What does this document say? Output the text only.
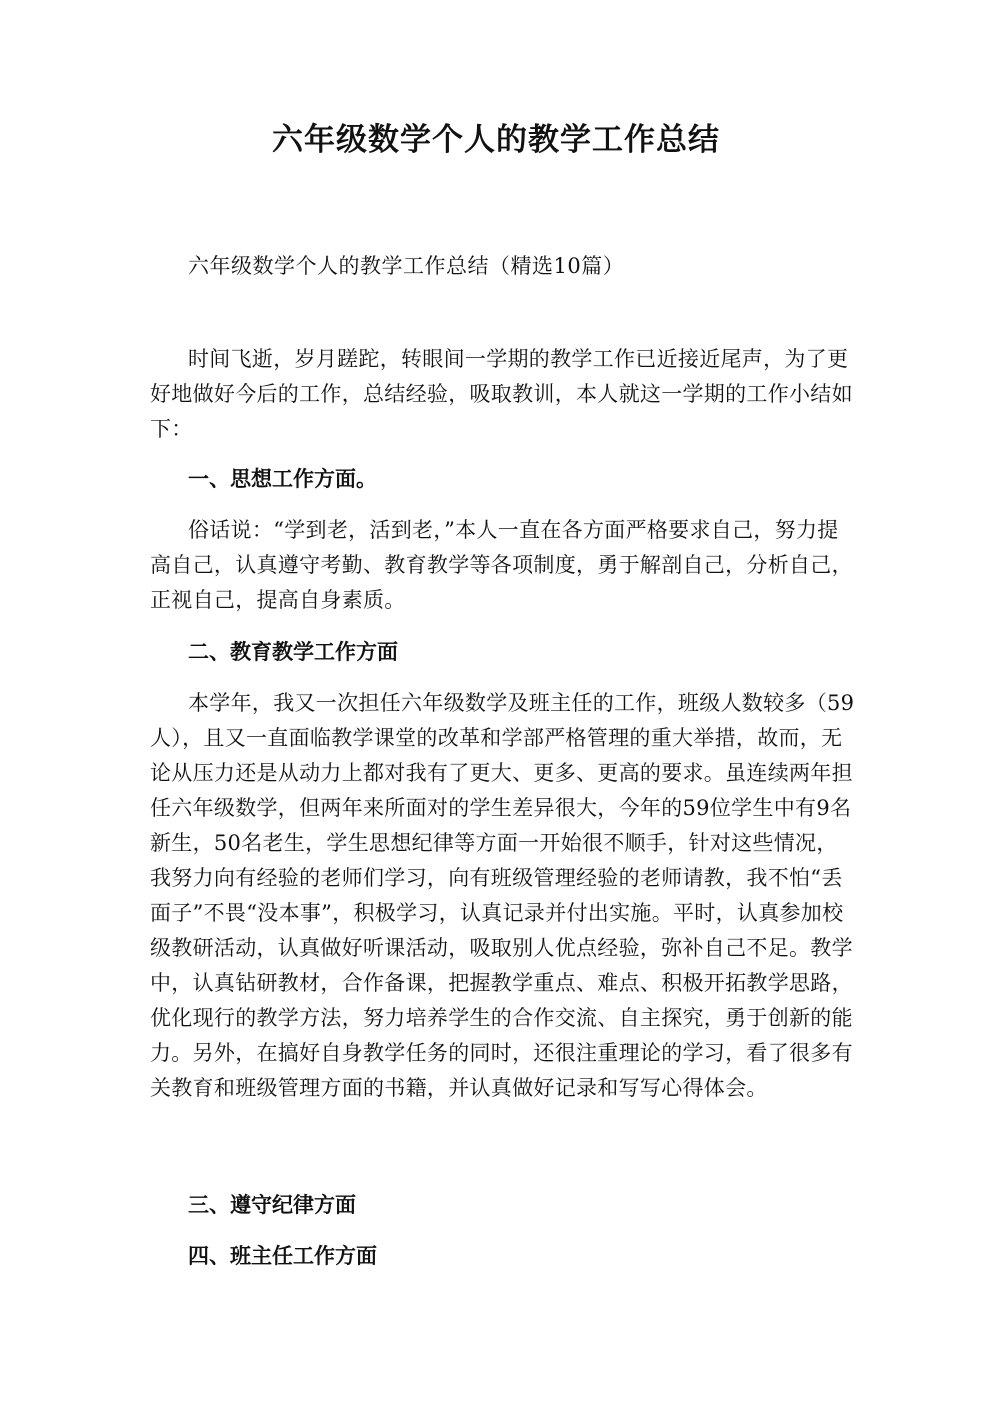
六年级数学个人的教学工作总结

六年级数学个人的教学工作总结（精选10篇）

时间飞逝，岁月蹉跎，转眼间一学期的教学工作已近接近尾声，为了更好地做好今后的工作，总结经验，吸取教训，本人就这一学期的工作小结如下：

一、思想工作方面。

俗话说：“学到老，活到老，”本人一直在各方面严格要求自己，努力提高自己，认真遵守考勤、教育教学等各项制度，勇于解剖自己，分析自己，正视自己，提高自身素质。

二、教育教学工作方面

本学年，我又一次担任六年级数学及班主任的工作，班级人数较多（59人），且又一直面临教学课堂的改革和学部严格管理的重大举措，故而，无论从压力还是从动力上都对我有了更大、更多、更高的要求。虽连续两年担任六年级数学，但两年来所面对的学生差异很大，今年的59位学生中有9名新生，50名老生，学生思想纪律等方面一开始很不顺手，针对这些情况，我努力向有经验的老师们学习，向有班级管理经验的老师请教，我不怕“丢面子”不畏“没本事”，积极学习，认真记录并付出实施。平时，认真参加校级教研活动，认真做好听课活动，吸取别人优点经验，弥补自己不足。教学中，认真钻研教材，合作备课，把握教学重点、难点、积极开拓教学思路，优化现行的教学方法，努力培养学生的合作交流、自主探究，勇于创新的能力。另外，在搞好自身教学任务的同时，还很注重理论的学习，看了很多有关教育和班级管理方面的书籍，并认真做好记录和写写心得体会。

三、遵守纪律方面

四、班主任工作方面
